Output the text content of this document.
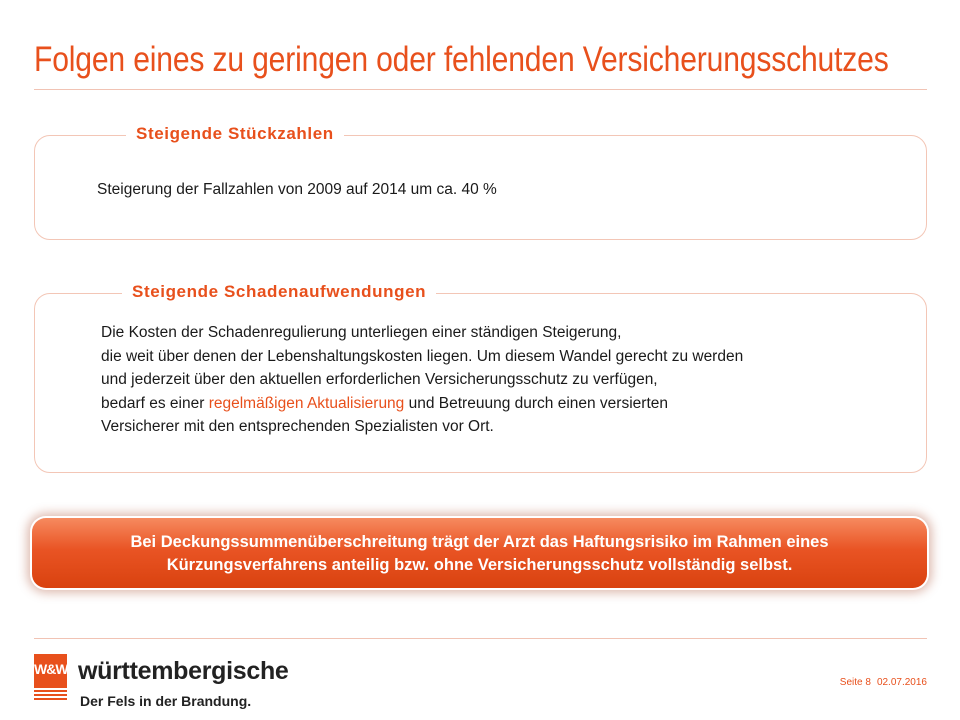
Folgen eines zu geringen oder fehlenden Versicherungsschutzes
Steigende Stückzahlen
Steigerung der Fallzahlen von 2009 auf 2014 um ca. 40 %
Steigende Schadenaufwendungen
Die Kosten der Schadenregulierung unterliegen einer ständigen Steigerung,
die weit über denen der Lebenshaltungskosten liegen. Um diesem Wandel gerecht zu werden
und jederzeit über den aktuellen erforderlichen Versicherungsschutz zu verfügen,
bedarf es einer regelmäßigen Aktualisierung und Betreuung durch einen versierten
Versicherer mit den entsprechenden Spezialisten vor Ort.
Bei Deckungssummenüberschreitung trägt der Arzt das Haftungsrisiko im Rahmen eines
Kürzungsverfahrens anteilig bzw. ohne Versicherungsschutz vollständig selbst.
W&W württembergische
Der Fels in der Brandung.
Seite 8 02.07.2016
